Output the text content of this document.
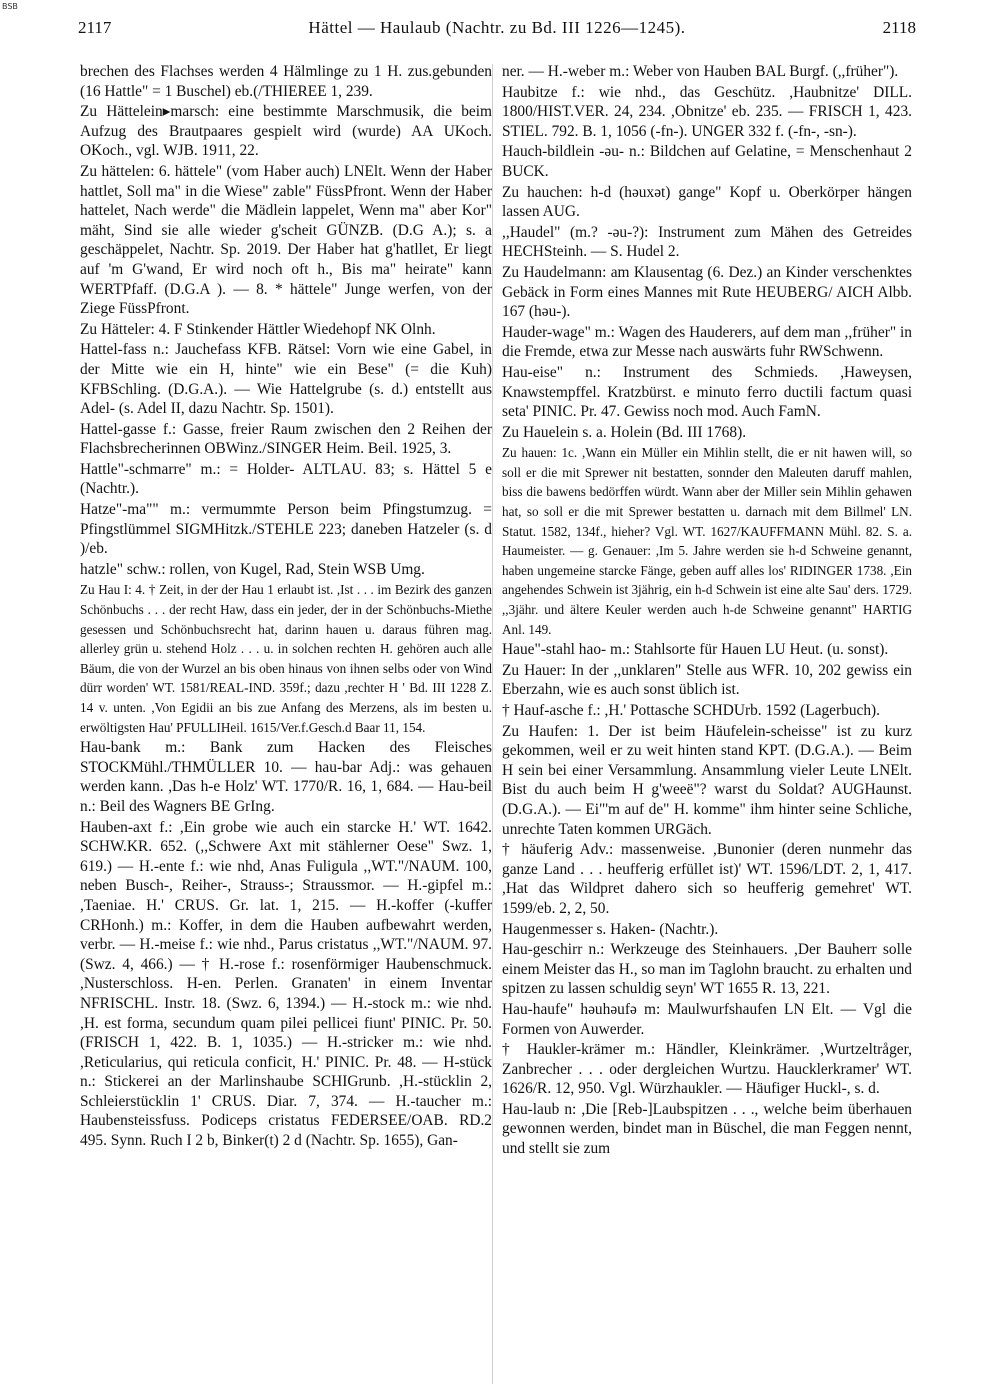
BSB
2117	Hättel — Haulaub (Nachtr. zu Bd. III 1226—1245).	2118

brechen des Flachses werden 4 Hälmlinge zu 1 H. zus.gebunden (16 Hattle" = 1 Buschel) eb.(/THIEREE 1, 239.

Zu Hättelein▸marsch: eine bestimmte Marschmusik, die beim Aufzug des Brautpaares gespielt wird (wurde) AA UKoch. OKoch., vgl. WJB. 1911, 22.

Zu hättelen: 6. hättele" (vom Haber auch) LNElt. Wenn der Haber hattlet, Soll ma" in die Wiese" zable" FüssPfront. Wenn der Haber hattelet, Nach werde" die Mädlein lappelet, Wenn ma" aber Kor" mäht, Sind sie alle wieder g'scheit GÜNZB. (D.G A.); s. a geschäppelet, Nachtr. Sp. 2019. Der Haber hat g'hatllet, Er liegt auf 'm G'wand, Er wird noch oft h., Bis ma" heirate" kann WERTPfaff. (D.G.A ). — 8. * hättele" Junge werfen, von der Ziege FüssPfront.

Zu Hätteler: 4. F Stinkender Hättler Wiedehopf NK Olnh.

Hattel-fass n.: Jauchefass KFB. Rätsel: Vorn wie eine Gabel, in der Mitte wie ein H, hinte" wie ein Bese" (= die Kuh) KFBSchling. (D.G.A.). — Wie Hattelgrube (s. d.) entstellt aus Adel- (s. Adel II, dazu Nachtr. Sp. 1501).

Hattel-gasse f.: Gasse, freier Raum zwischen den 2 Reihen der Flachsbrecherinnen OBWinz./SINGER Heim. Beil. 1925, 3.

Hattle"-schmarre" m.: = Holder- ALTLAU. 83; s. Hättel 5 e (Nachtr.).

Hatze"-ma"" m.: vermummte Person beim Pfingstumzug. = Pfingstlümmel SIGMHitzk./STEHLE 223; daneben Hatzeler (s. d )/eb.

hatzle" schw.: rollen, von Kugel, Rad, Stein WSB Umg.

Zu Hau I: 4. † Zeit, in der der Hau 1 erlaubt ist. ,Ist . . . im Bezirk des ganzen Schönbuchs . . . der recht Haw, dass ein jeder, der in der Schönbuchs-Miethe gesessen und Schönbuchsrecht hat, darinn hauen u. daraus führen mag. allerley grün u. stehend Holz . . . u. in solchen rechten H. gehören auch alle Bäum, die von der Wurzel an bis oben hinaus von ihnen selbs oder von Wind dürr worden' WT. 1581/REAL-IND. 359f.; dazu ,rechter H ' Bd. III 1228 Z. 14 v. unten. ,Von Egidii an bis zue Anfang des Merzens, als im besten u. erwöltigsten Hau' PFULLIHeil. 1615/Ver.f.Gesch.d Baar 11, 154.

Hau-bank m.: Bank zum Hacken des Fleisches STOCKMühl./THMÜLLER 10. — hau-bar Adj.: was gehauen werden kann. ,Das h-e Holz' WT. 1770/R. 16, 1, 684. — Hau-beil n.: Beil des Wagners BE GrIng.

Hauben-axt f.: ,Ein grobe wie auch ein starcke H.' WT. 1642. SCHW.KR. 652. (,,Schwere Axt mit stählerner Oese" Swz. 1, 619.) — H.-ente f.: wie nhd, Anas Fuligula ,,WT."/NAUM. 100, neben Busch-, Reiher-, Strauss-; Straussmor. — H.-gipfel m.: ,Taeniae. H.' CRUS. Gr. lat. 1, 215. — H.-koffer (-kuffer CRHonh.) m.: Koffer, in dem die Hauben aufbewahrt werden, verbr. — H.-meise f.: wie nhd., Parus cristatus ,,WT."/NAUM. 97. (Swz. 4, 466.) — † H.-rose f.: rosenförmiger Haubenschmuck. ,Nusterschloss. H-en. Perlen. Granaten' in einem Inventar NFRISCHL. Instr. 18. (Swz. 6, 1394.) — H.-stock m.: wie nhd. ,H. est forma, secundum quam pilei pellicei fiunt' PINIC. Pr. 50. (FRISCH 1, 422. B. 1, 1035.) — H.-stricker m.: wie nhd. ,Reticularius, qui reticula conficit, H.' PINIC. Pr. 48. — H-stück n.: Stickerei an der Marlinshaube SCHIGrunb. ,H.-stücklin 2, Schleierstücklin 1' CRUS. Diar. 7, 374. — H.-taucher m.: Haubensteissfuss. Podiceps cristatus FEDERSEE/OAB. RD.2 495. Synn. Ruch I 2 b, Binker(t) 2 d (Nachtr. Sp. 1655), Gan-

ner. — H.-weber m.: Weber von Hauben BAL Burgf. (,,früher").

Haubitze f.: wie nhd., das Geschütz. ,Haubnitze' DILL. 1800/HIST.VER. 24, 234. ,Obnitze' eb. 235. — FRISCH 1, 423. STIEL. 792. B. 1, 1056 (-fn-). UNGER 332 f. (-fn-, -sn-).

Hauch-bildlein -əu- n.: Bildchen auf Gelatine, = Menschenhaut 2 BUCK.

Zu hauchen: h-d (həuxət) gange" Kopf u. Oberkörper hängen lassen AUG.

,,Haudel" (m.? -əu-?): Instrument zum Mähen des Getreides HECHSteinh. — S. Hudel 2.

Zu Haudelmann: am Klausentag (6. Dez.) an Kinder verschenktes Gebäck in Form eines Mannes mit Rute HEUBERG/ AICH Albb. 167 (həu-).

Hauder-wage" m.: Wagen des Hauderers, auf dem man ,,früher" in die Fremde, etwa zur Messe nach auswärts fuhr RWSchwenn.

Hau-eise" n.: Instrument des Schmieds. ,Haweysen, Knawstempffel. Kratzbürst. e minuto ferro ductili factum quasi seta' PINIC. Pr. 47. Gewiss noch mod. Auch FamN.

Zu Hauelein s. a. Holein (Bd. III 1768).

Zu hauen: 1c. ,Wann ein Müller ein Mihlin stellt, die er nit hawen will, so soll er die mit Sprewer nit bestatten, sonnder den Maleuten daruff mahlen, biss die bawens bedörffen würdt. Wann aber der Miller sein Mihlin gehawen hat, so soll er die mit Sprewer bestatten u. darnach mit dem Billmel' LN. Statut. 1582, 134f., hieher? Vgl. WT. 1627/KAUFFMANN Mühl. 82. S. a. Haumeister. — g. Genauer: ,Im 5. Jahre werden sie h-d Schweine genannt, haben ungemeine starcke Fänge, geben auff alles los' RIDINGER 1738. ,Ein angehendes Schwein ist 3jährig, ein h-d Schwein ist eine alte Sau' ders. 1729. ,,3jähr. und ältere Keuler werden auch h-de Schweine genannt" HARTIG Anl. 149.

Haue"-stahl hao- m.: Stahlsorte für Hauen LU Heut. (u. sonst).

Zu Hauer: In der ,,unklaren" Stelle aus WFR. 10, 202 gewiss ein Eberzahn, wie es auch sonst üblich ist.

† Hauf-asche f.: ,H.' Pottasche SCHDUrb. 1592 (Lagerbuch).

Zu Haufen: 1. Der ist beim Häufelein-scheisse" ist zu kurz gekommen, weil er zu weit hinten stand KPT. (D.G.A.). — Beim H sein bei einer Versammlung. Ansammlung vieler Leute LNElt. Bist du auch beim H g'weeë"? warst du Soldat? AUGHaunst. (D.G.A.). — Ei"'m auf de" H. komme" ihm hinter seine Schliche, unrechte Taten kommen URGäch.

† häuferig Adv.: massenweise. ,Bunonier (deren nunmehr das ganze Land . . . heufferig erfüllet ist)' WT. 1596/LDT. 2, 1, 417. ,Hat das Wildpret dahero sich so heufferig gemehret' WT. 1599/eb. 2, 2, 50.

Haugenmesser s. Haken- (Nachtr.).

Hau-geschirr n.: Werkzeuge des Steinhauers. ,Der Bauherr solle einem Meister das H., so man im Taglohn braucht. zu erhalten und spitzen zu lassen schuldig seyn' WT 1655 R. 13, 221.

Hau-haufe" həuhəufə m: Maulwurfshaufen LN Elt. — Vgl die Formen von Auwerder.

† Haukler-krämer m.: Händler, Kleinkrämer. ,Wurtzeltråger, Zanbrecher . . . oder dergleichen Wurtzu. Haucklerkramer' WT. 1626/R. 12, 950. Vgl. Würzhaukler. — Häufiger Huckl-, s. d.

Hau-laub n: ,Die [Reb-]Laubspitzen . . ., welche beim überhauen gewonnen werden, bindet man in Büschel, die man Feggen nennt, und stellt sie zum
